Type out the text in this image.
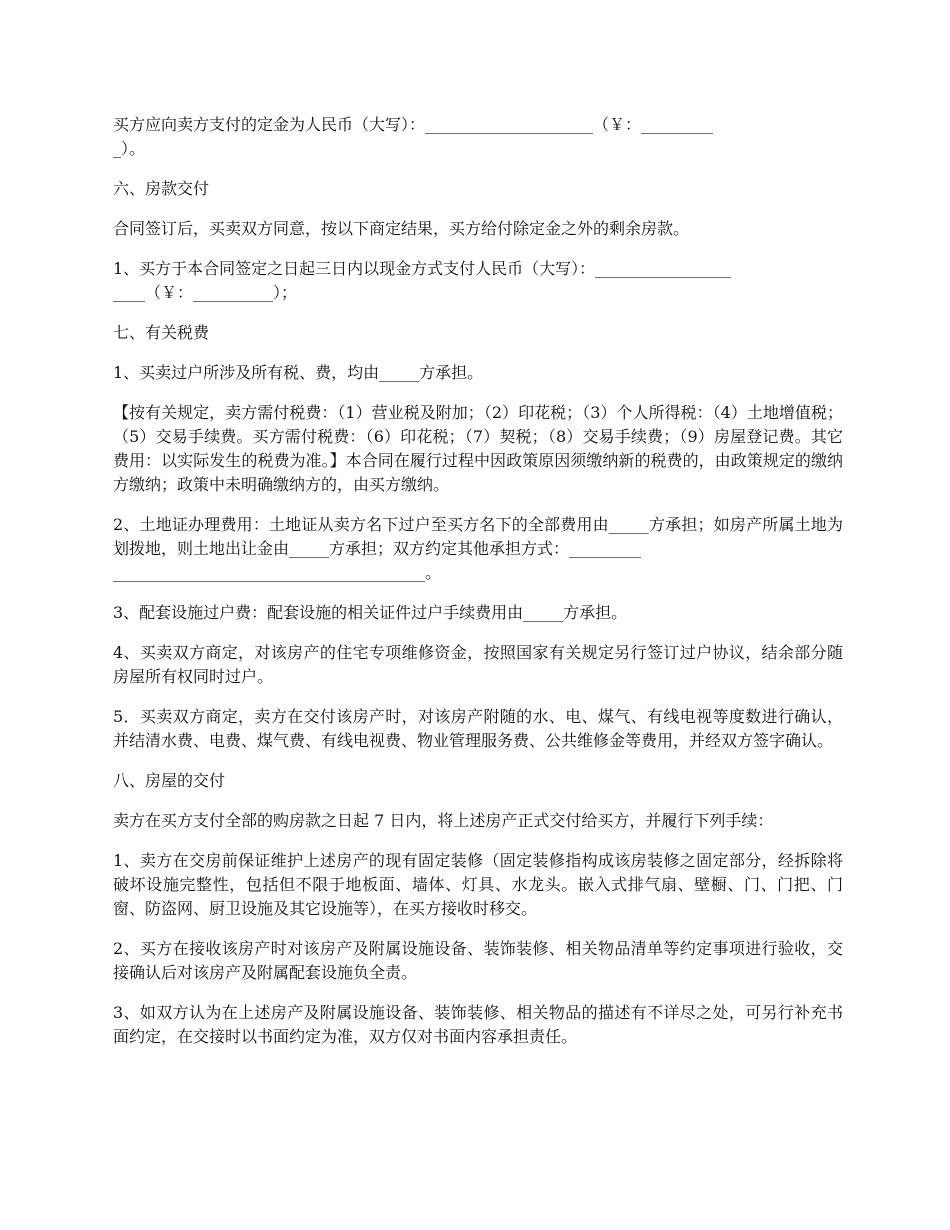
买方应向卖方支付的定金为人民币（大写）：_____________________（￥：_________
_）。

六、房款交付

合同签订后，买卖双方同意，按以下商定结果，买方给付除定金之外的剩余房款。

1、买方于本合同签定之日起三日内以现金方式支付人民币（大写）：_________________
____（￥：__________）；

七、有关税费

1、买卖过户所涉及所有税、费，均由_____方承担。

【按有关规定，卖方需付税费：（1）营业税及附加；（2）印花税；（3）个人所得税：（4）土地增值税；（5）交易手续费。买方需付税费：（6）印花税；（7）契税；（8）交易手续费；（9）房屋登记费。其它费用：以实际发生的税费为准。】本合同在履行过程中因政策原因须缴纳新的税费的，由政策规定的缴纳方缴纳；政策中未明确缴纳方的，由买方缴纳。

2、土地证办理费用：土地证从卖方名下过户至买方名下的全部费用由_____方承担；如房产所属土地为划拨地，则土地出让金由_____方承担；双方约定其他承担方式：_________
_______________________________________。

3、配套设施过户费：配套设施的相关证件过户手续费用由_____方承担。

4、买卖双方商定，对该房产的住宅专项维修资金，按照国家有关规定另行签订过户协议，结余部分随房屋所有权同时过户。

5．买卖双方商定，卖方在交付该房产时，对该房产附随的水、电、煤气、有线电视等度数进行确认，并结清水费、电费、煤气费、有线电视费、物业管理服务费、公共维修金等费用，并经双方签字确认。

八、房屋的交付

卖方在买方支付全部的购房款之日起 7 日内，将上述房产正式交付给买方，并履行下列手续：

1、卖方在交房前保证维护上述房产的现有固定装修（固定装修指构成该房装修之固定部分，经拆除将破坏设施完整性，包括但不限于地板面、墙体、灯具、水龙头。嵌入式排气扇、壁橱、门、门把、门窗、防盗网、厨卫设施及其它设施等），在买方接收时移交。

2、买方在接收该房产时对该房产及附属设施设备、装饰装修、相关物品清单等约定事项进行验收，交接确认后对该房产及附属配套设施负全责。

3、如双方认为在上述房产及附属设施设备、装饰装修、相关物品的描述有不详尽之处，可另行补充书面约定，在交接时以书面约定为准，双方仅对书面内容承担责任。
